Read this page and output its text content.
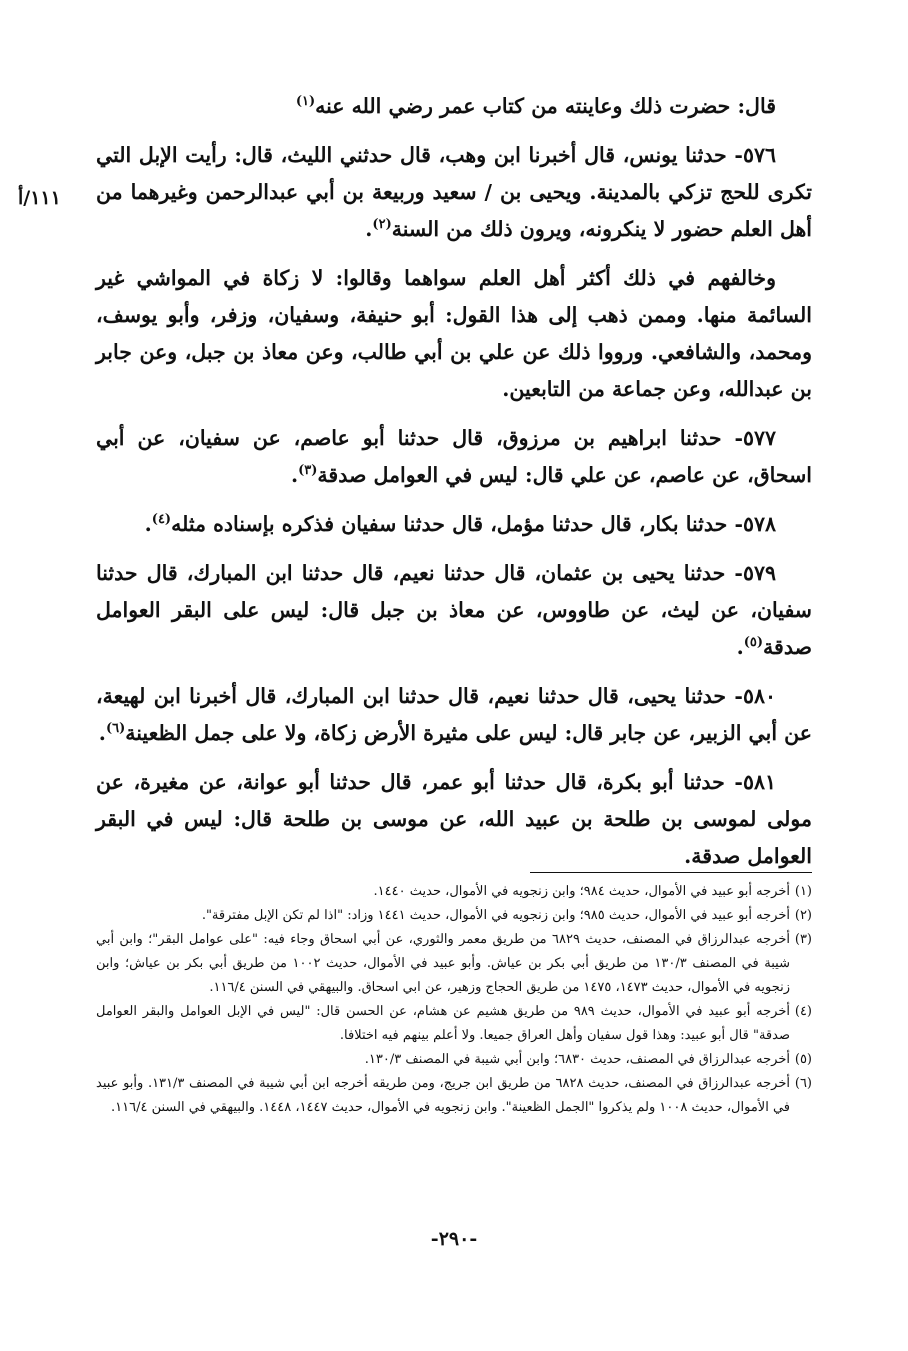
١١١/أ

قال: حضرت ذلك وعاينته من كتاب عمر رضي الله عنه$^{(١)}$

٥٧٦- حدثنا يونس، قال أخبرنا ابن وهب، قال حدثني الليث، قال: رأيت الإبل التي تكرى للحج تزكي بالمدينة. ويحيى بن / سعيد وربيعة بن أبي عبدالرحمن وغيرهما من أهل العلم حضور لا ينكرونه، ويرون ذلك من السنة$^{(٢)}$.

وخالفهم في ذلك أكثر أهل العلم سواهما وقالوا: لا زكاة في المواشي غير السائمة منها. وممن ذهب إلى هذا القول: أبو حنيفة، وسفيان، وزفر، وأبو يوسف، ومحمد، والشافعي. ورووا ذلك عن علي بن أبي طالب، وعن معاذ بن جبل، وعن جابر بن عبدالله، وعن جماعة من التابعين.

٥٧٧- حدثنا ابراهيم بن مرزوق، قال حدثنا أبو عاصم، عن سفيان، عن أبي اسحاق، عن عاصم، عن علي قال: ليس في العوامل صدقة$^{(٣)}$.

٥٧٨- حدثنا بكار، قال حدثنا مؤمل، قال حدثنا سفيان فذكره بإسناده مثله$^{(٤)}$.

٥٧٩- حدثنا يحيى بن عثمان، قال حدثنا نعيم، قال حدثنا ابن المبارك، قال حدثنا سفيان، عن ليث، عن طاووس، عن معاذ بن جبل قال: ليس على البقر العوامل صدقة$^{(٥)}$.

٥٨٠- حدثنا يحيى، قال حدثنا نعيم، قال حدثنا ابن المبارك، قال أخبرنا ابن لهيعة، عن أبي الزبير، عن جابر قال: ليس على مثيرة الأرض زكاة، ولا على جمل الظعينة$^{(٦)}$.

٥٨١- حدثنا أبو بكرة، قال حدثنا أبو عمر، قال حدثنا أبو عوانة، عن مغيرة، عن مولى لموسى بن طلحة بن عبيد الله، عن موسى بن طلحة قال: ليس في البقر العوامل صدقة.

(١)
أخرجه أبو عبيد في الأموال، حديث ٩٨٤؛ وابن زنجويه في الأموال، حديث ١٤٤٠.

(٢)
أخرجه أبو عبيد في الأموال، حديث ٩٨٥؛ وابن زنجويه في الأموال، حديث ١٤٤١ وزاد: "اذا لم تكن الإبل مفترقة".

(٣)
أخرجه عبدالرزاق في المصنف، حديث ٦٨٢٩ من طريق معمر والثوري، عن أبي اسحاق وجاء فيه: "على عوامل البقر"؛ وابن أبي شيبة في المصنف ١٣٠/٣ من طريق أبي بكر بن عياش. وأبو عبيد في الأموال، حديث ١٠٠٢ من طريق أبي بكر بن عياش؛ وابن زنجويه في الأموال، حديث ١٤٧٣، ١٤٧٥ من طريق الحجاج وزهير، عن ابي اسحاق. والبيهقي في السنن ١١٦/٤.

(٤)
أخرجه أبو عبيد في الأموال، حديث ٩٨٩ من طريق هشيم عن هشام، عن الحسن قال: "ليس في الإبل العوامل والبقر العوامل صدقة" قال أبو عبيد: وهذا قول سفيان وأهل العراق جميعا. ولا أعلم بينهم فيه اختلافا.

(٥)
أخرجه عبدالرزاق في المصنف، حديث ٦٨٣٠؛ وابن أبي شيبة في المصنف ١٣٠/٣.

(٦)
أخرجه عبدالرزاق في المصنف، حديث ٦٨٢٨ من طريق ابن جريج، ومن طريقه أخرجه ابن أبي شيبة في المصنف ١٣١/٣. وأبو عبيد في الأموال، حديث ١٠٠٨ ولم يذكروا "الجمل الظعينة". وابن زنجويه في الأموال، حديث ١٤٤٧، ١٤٤٨. والبيهقي في السنن ١١٦/٤.

-٢٩٠-
